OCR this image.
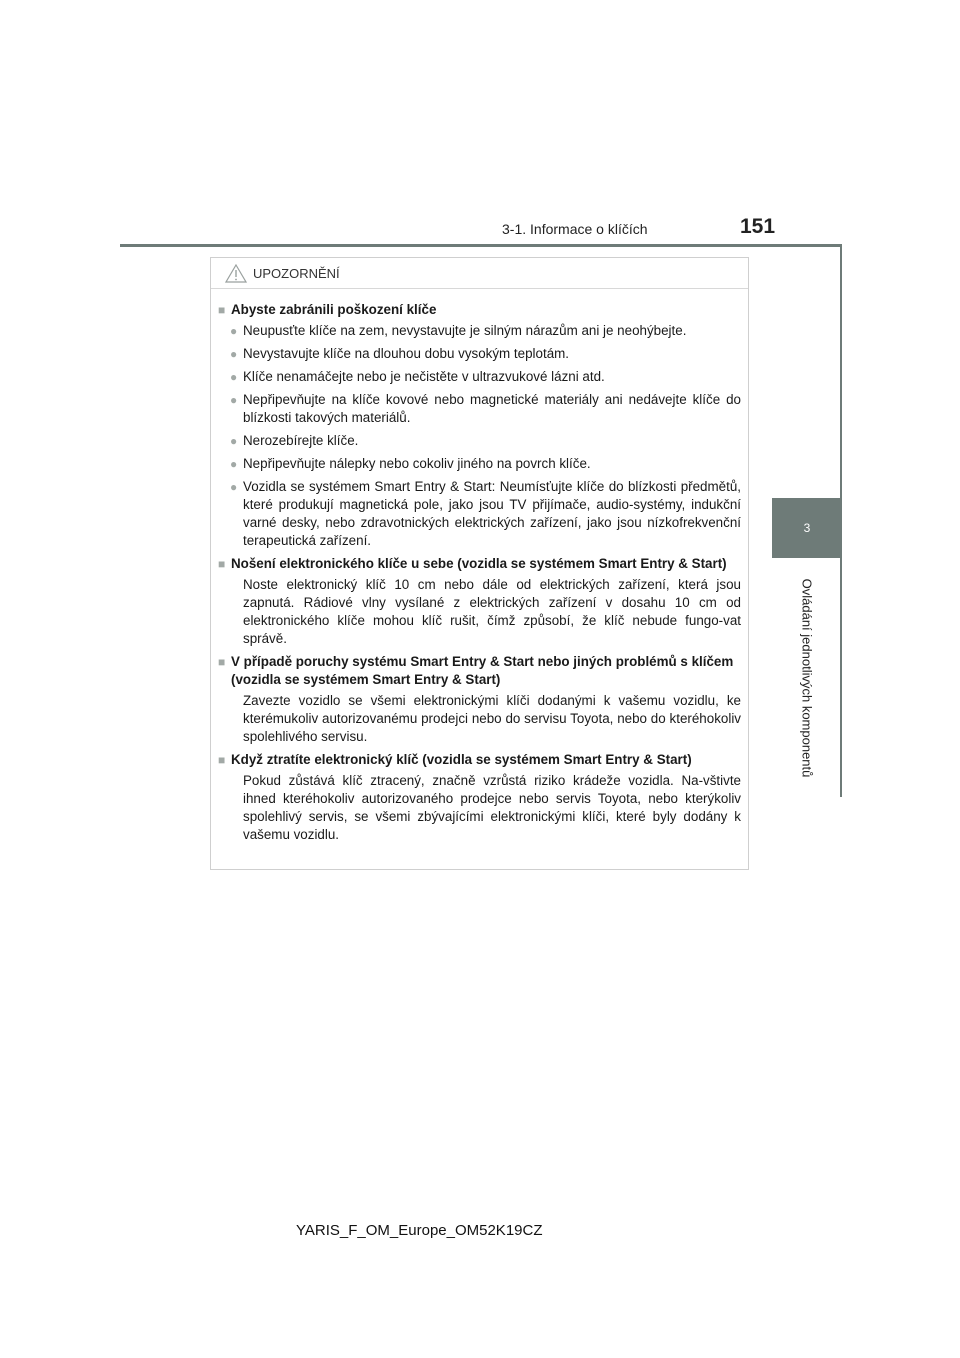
3-1. Informace o klíčích	151
3
Ovládání jednotlivých komponentů
UPOZORNĚNÍ
■ Abyste zabránili poškození klíče
● Neupusťte klíče na zem, nevystavujte je silným nárazům ani je neohýbejte.
● Nevystavujte klíče na dlouhou dobu vysokým teplotám.
● Klíče nenamáčejte nebo je nečistěte v ultrazvukové lázni atd.
● Nepřipevňujte na klíče kovové nebo magnetické materiály ani nedávejte klíče do blízkosti takových materiálů.
● Nerozebírejte klíče.
● Nepřipevňujte nálepky nebo cokoliv jiného na povrch klíče.
● Vozidla se systémem Smart Entry & Start: Neumísťujte klíče do blízkosti předmětů, které produkují magnetická pole, jako jsou TV přijímače, audio-systémy, indukční varné desky, nebo zdravotnických elektrických zařízení, jako jsou nízkofrekvenční terapeutická zařízení.
■ Nošení elektronického klíče u sebe (vozidla se systémem Smart Entry & Start)
Noste elektronický klíč 10 cm nebo dále od elektrických zařízení, která jsou zapnutá. Rádiové vlny vysílané z elektrických zařízení v dosahu 10 cm od elektronického klíče mohou klíč rušit, čímž způsobí, že klíč nebude fungo-vat správě.
■ V případě poruchy systému Smart Entry & Start nebo jiných problémů s klíčem (vozidla se systémem Smart Entry & Start)
Zavezte vozidlo se všemi elektronickými klíči dodanými k vašemu vozidlu, ke kterémukoliv autorizovanému prodejci nebo do servisu Toyota, nebo do kteréhokoliv spolehlivého servisu.
■ Když ztratíte elektronický klíč (vozidla se systémem Smart Entry & Start)
Pokud zůstává klíč ztracený, značně vzrůstá riziko krádeže vozidla. Na-vštivte ihned kteréhokoliv autorizovaného prodejce nebo servis Toyota, nebo kterýkoliv spolehlivý servis, se všemi zbývajícími elektronickými klíči, které byly dodány k vašemu vozidlu.
YARIS_F_OM_Europe_OM52K19CZ
